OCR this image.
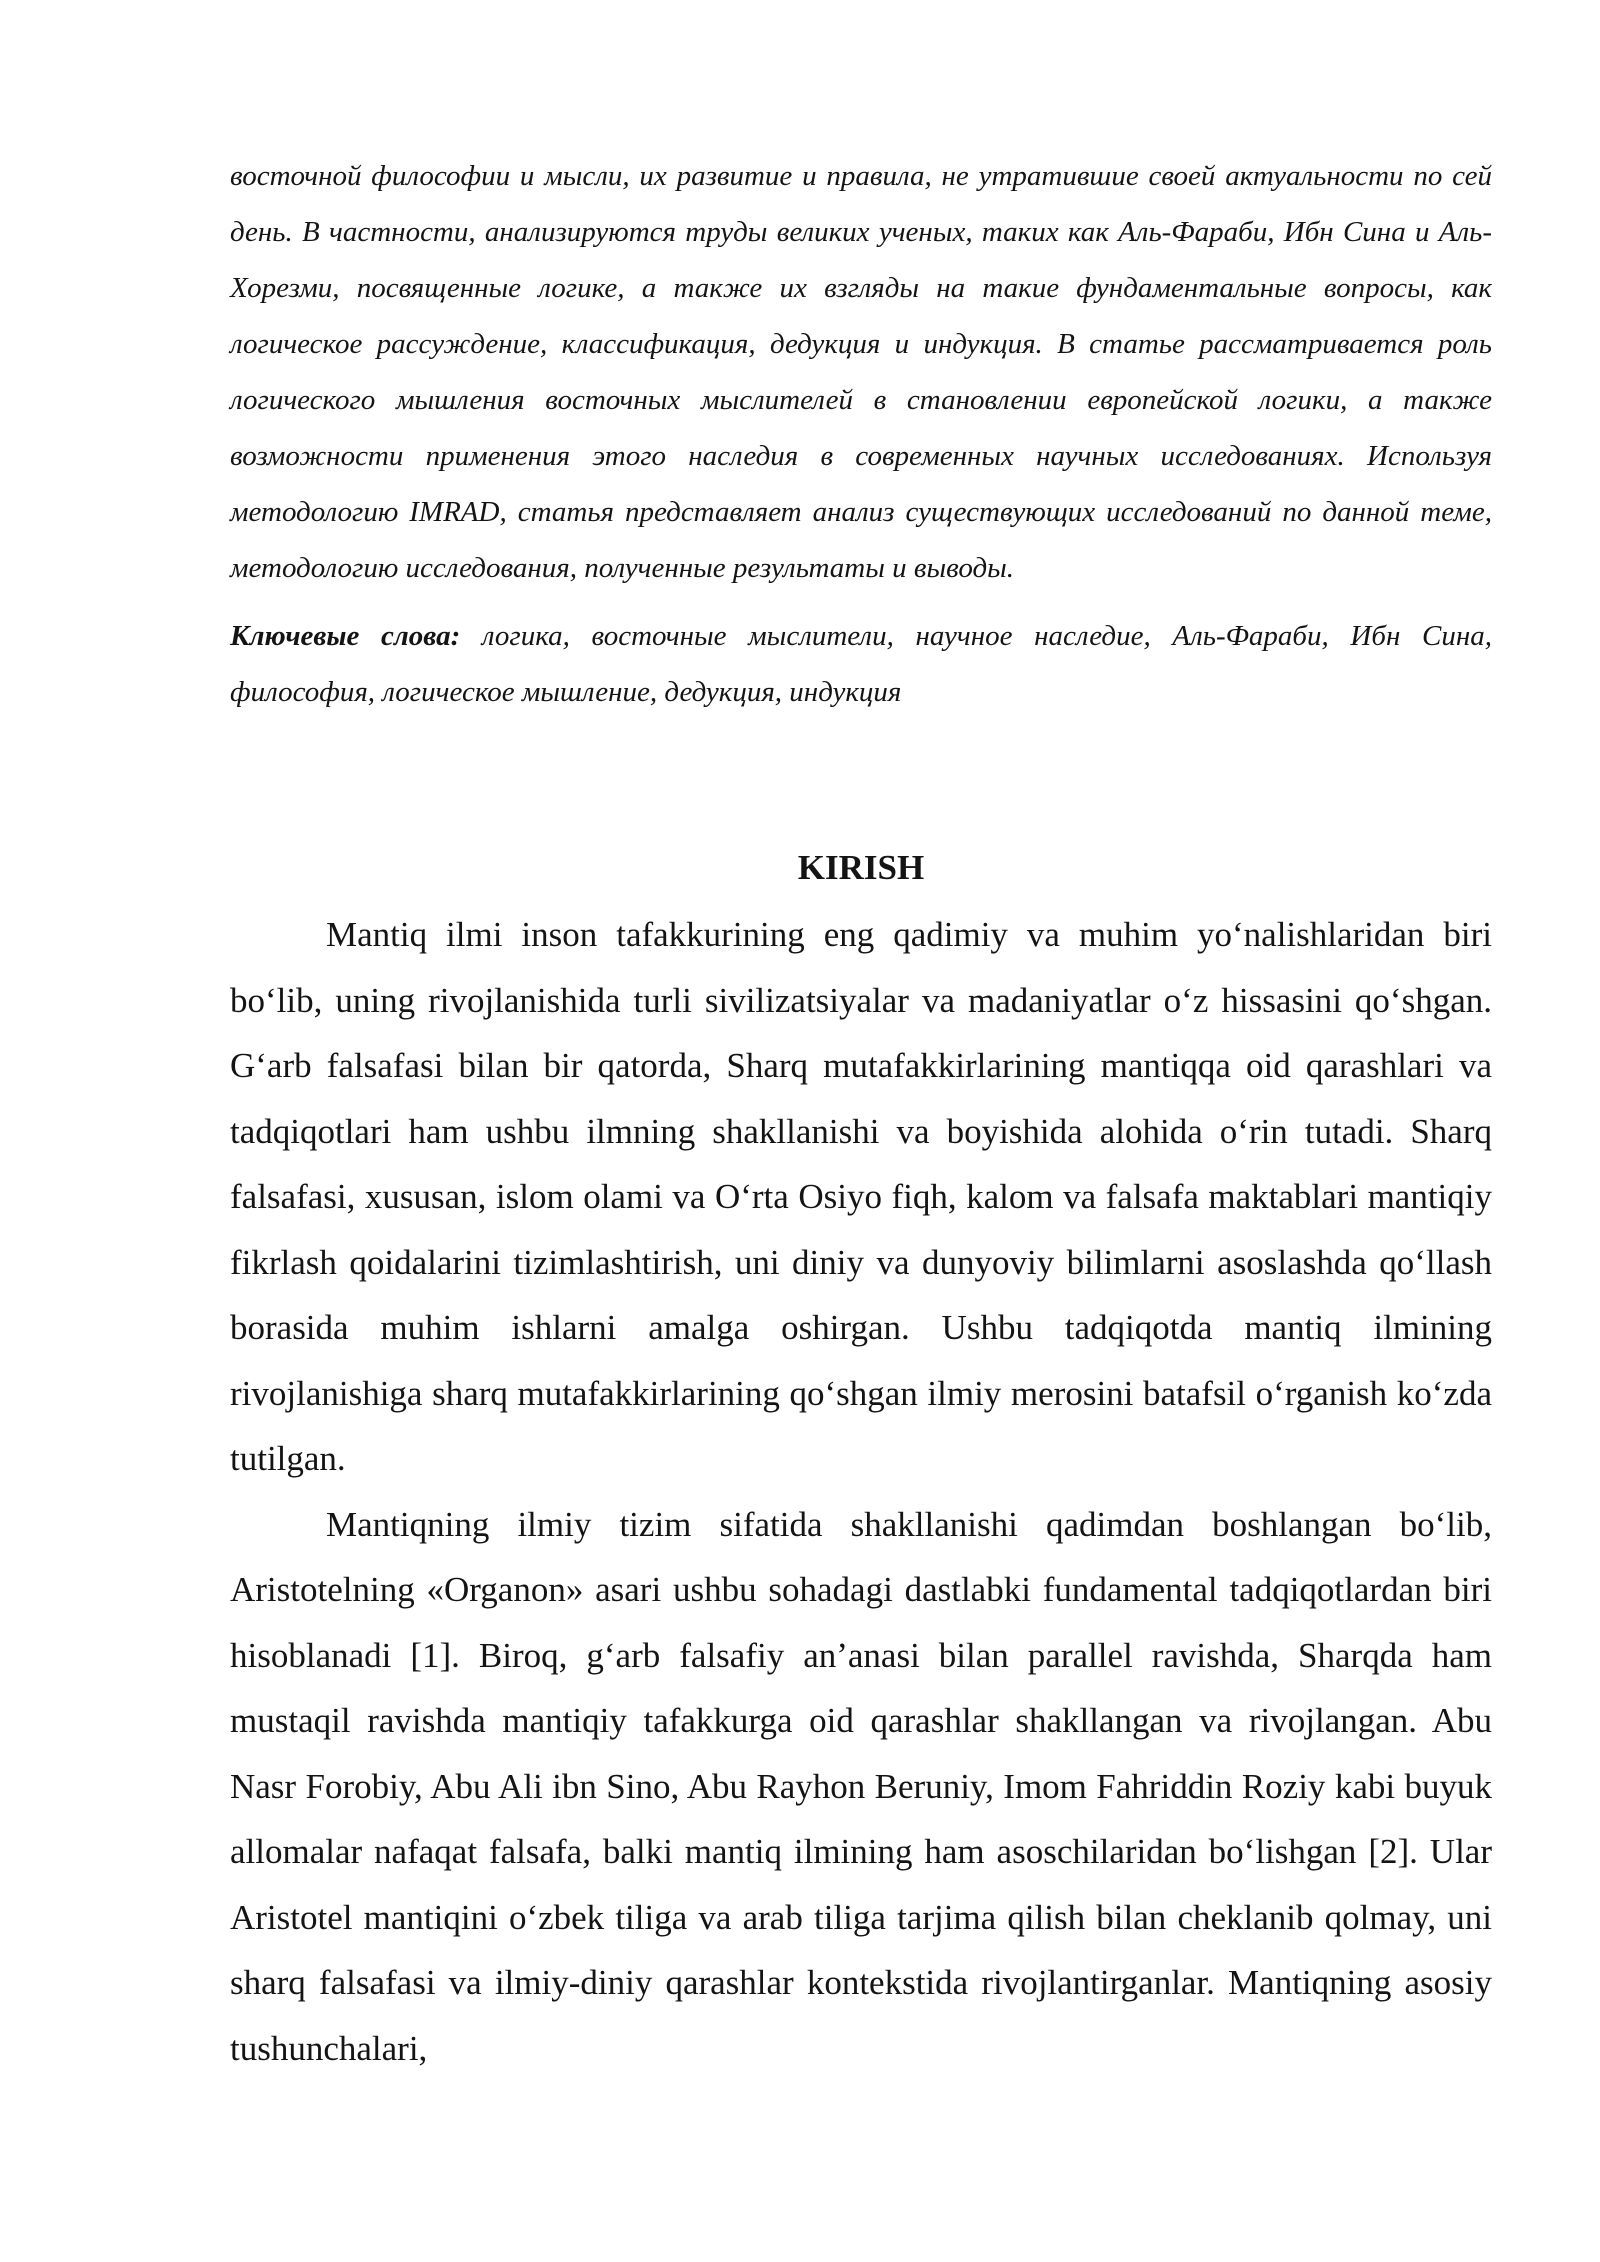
восточной философии и мысли, их развитие и правила, не утратившие своей актуальности по сей день. В частности, анализируются труды великих ученых, таких как Аль-Фараби, Ибн Сина и Аль-Хорезми, посвященные логике, а также их взгляды на такие фундаментальные вопросы, как логическое рассуждение, классификация, дедукция и индукция. В статье рассматривается роль логического мышления восточных мыслителей в становлении европейской логики, а также возможности применения этого наследия в современных научных исследованиях. Используя методологию IMRAD, статья представляет анализ существующих исследований по данной теме, методологию исследования, полученные результаты и выводы.

Ключевые слова: логика, восточные мыслители, научное наследие, Аль-Фараби, Ибн Сина, философия, логическое мышление, дедукция, индукция

KIRISH

Mantiq ilmi inson tafakkurining eng qadimiy va muhim yoʻnalishlaridan biri boʻlib, uning rivojlanishida turli sivilizatsiyalar va madaniyatlar oʻz hissasini qoʻshgan. Gʻarb falsafasi bilan bir qatorda, Sharq mutafakkirlarining mantiqqa oid qarashlari va tadqiqotlari ham ushbu ilmning shakllanishi va boyishida alohida oʻrin tutadi. Sharq falsafasi, xususan, islom olami va Oʻrta Osiyo fiqh, kalom va falsafa maktablari mantiqiy fikrlash qoidalarini tizimlashtirish, uni diniy va dunyoviy bilimlarni asoslashda qoʻllash borasida muhim ishlarni amalga oshirgan. Ushbu tadqiqotda mantiq ilmining rivojlanishiga sharq mutafakkirlarining qoʻshgan ilmiy merosini batafsil oʻrganish koʻzda tutilgan.

Mantiqning ilmiy tizim sifatida shakllanishi qadimdan boshlangan boʻlib, Aristotelning «Organon» asari ushbu sohadagi dastlabki fundamental tadqiqotlardan biri hisoblanadi [1]. Biroq, gʻarb falsafiy anʼanasi bilan parallel ravishda, Sharqda ham mustaqil ravishda mantiqiy tafakkurga oid qarashlar shakllangan va rivojlangan. Abu Nasr Forobiy, Abu Ali ibn Sino, Abu Rayhon Beruniy, Imom Fahriddin Roziy kabi buyuk allomalar nafaqat falsafa, balki mantiq ilmining ham asoschilaridan boʻlishgan [2]. Ular Aristotel mantiqini oʻzbek tiliga va arab tiliga tarjima qilish bilan cheklanib qolmay, uni sharq falsafasi va ilmiy-diniy qarashlar kontekstida rivojlantirganlar. Mantiqning asosiy tushunchalari,
